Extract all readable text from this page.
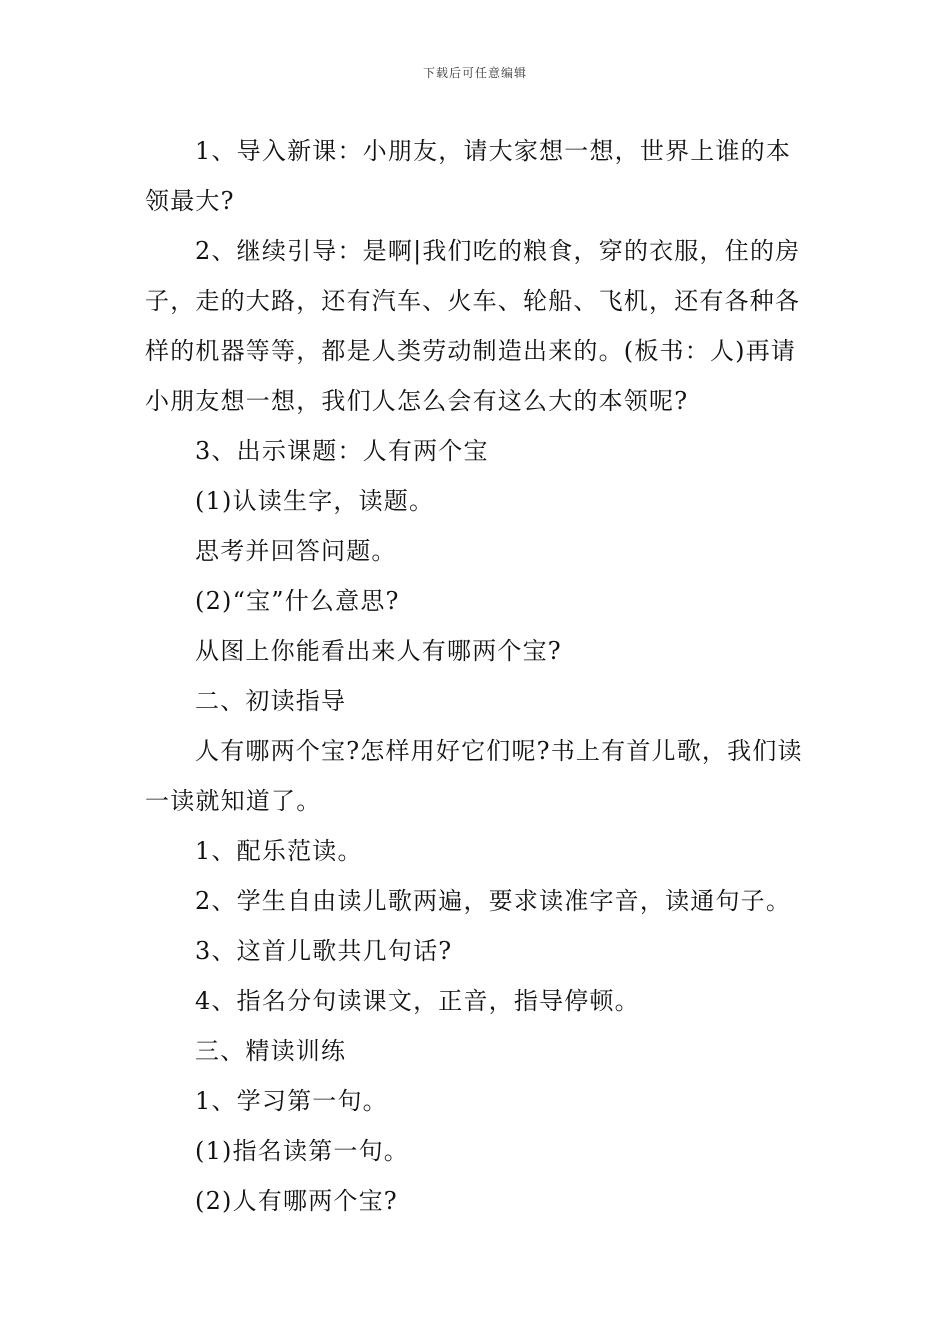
下载后可任意编辑

1、导入新课：小朋友，请大家想一想，世界上谁的本领最大?

2、继续引导：是啊|我们吃的粮食，穿的衣服，住的房子，走的大路，还有汽车、火车、轮船、飞机，还有各种各样的机器等等，都是人类劳动制造出来的。(板书：人)再请小朋友想一想，我们人怎么会有这么大的本领呢?

3、出示课题：人有两个宝

(1)认读生字，读题。

思考并回答问题。

(2)“宝”什么意思?

从图上你能看出来人有哪两个宝?

二、初读指导

人有哪两个宝?怎样用好它们呢?书上有首儿歌，我们读一读就知道了。

1、配乐范读。

2、学生自由读儿歌两遍，要求读准字音，读通句子。

3、这首儿歌共几句话?

4、指名分句读课文，正音，指导停顿。

三、精读训练

1、学习第一句。

(1)指名读第一句。

(2)人有哪两个宝?
